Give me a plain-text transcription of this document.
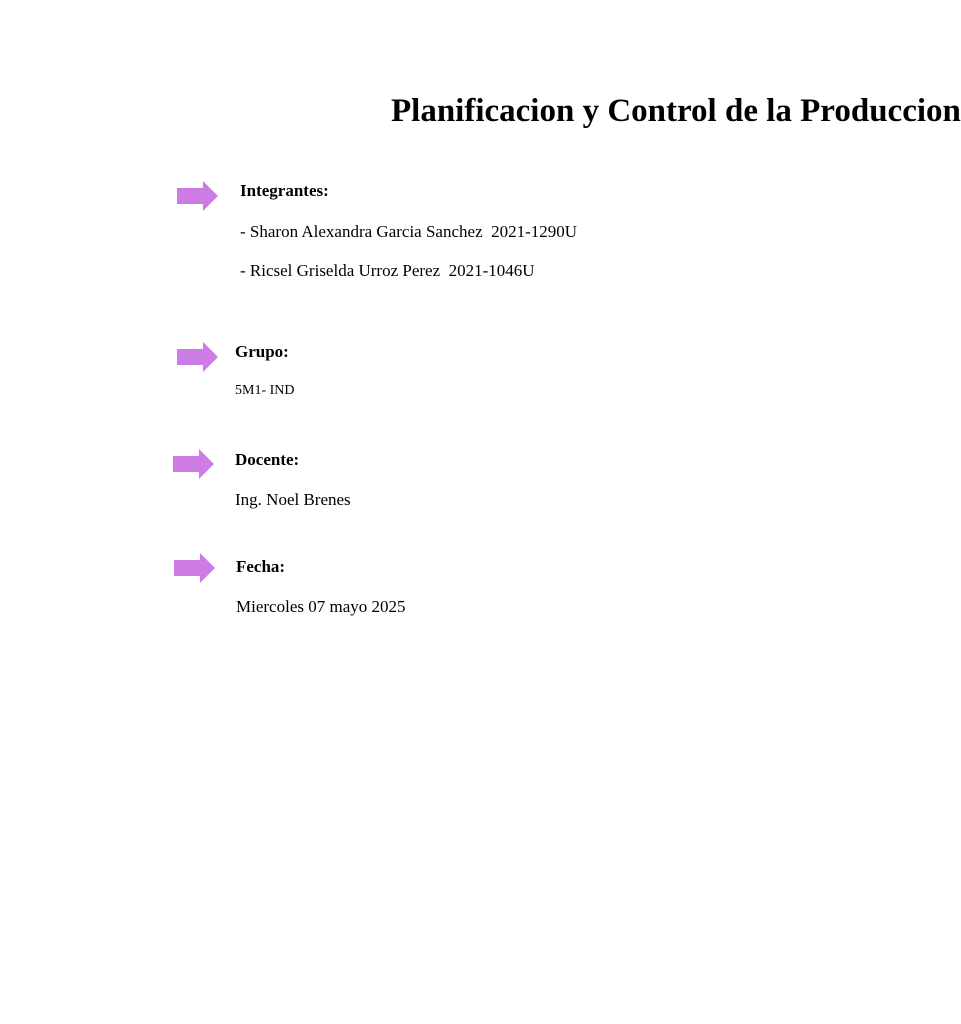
Planificacion y Control de la Produccion
Integrantes:
- Sharon Alexandra Garcia Sanchez  2021-1290U
- Ricsel Griselda Urroz Perez  2021-1046U
Grupo:
5M1- IND
Docente:
Ing. Noel Brenes
Fecha:
Miercoles 07 mayo 2025
